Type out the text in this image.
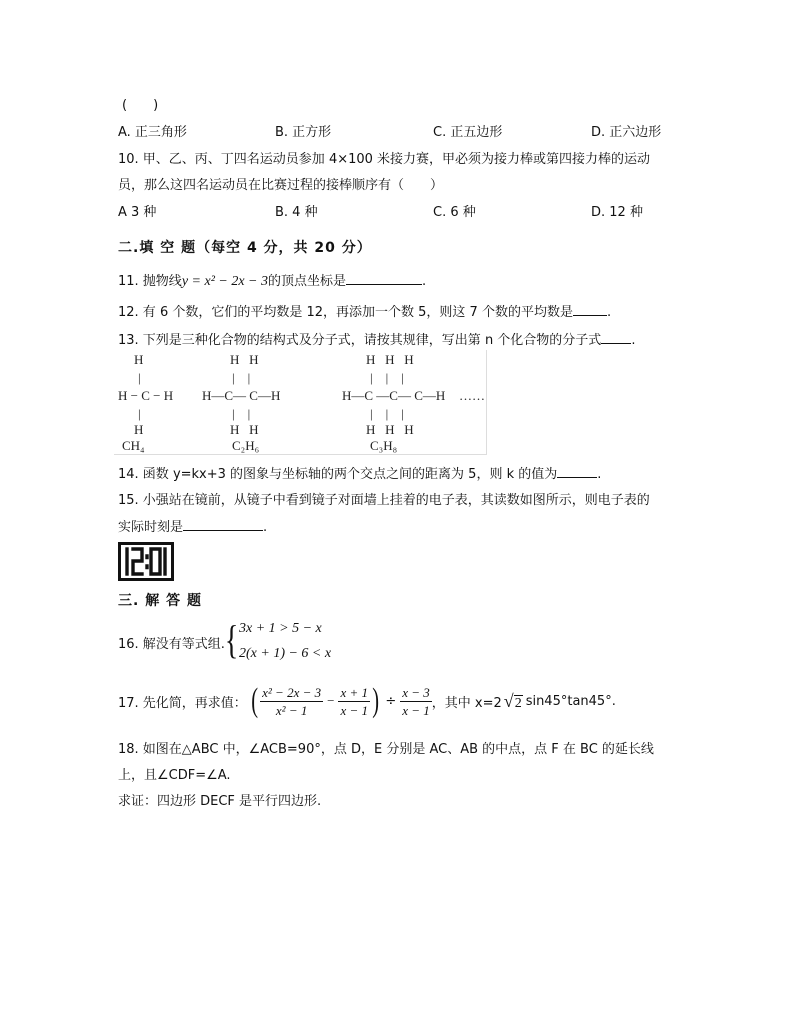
(　　)
A. 正三角形	B. 正方形	C. 正五边形	D. 正六边形
10. 甲、乙、丙、丁四名运动员参加 4×100 米接力赛，甲必须为接力棒或第四接力棒的运动
员，那么这四名运动员在比赛过程的接棒顺序有（　　）
A 3 种	B. 4 种	C. 6 种	D. 12 种
二.填 空 题（每空 4 分，共 20 分）
11. 抛物线y = x² − 2x − 3的顶点坐标是	.
12. 有 6 个数，它们的平均数是 12，再添加一个数 5，则这 7 个数的平均数是	.
13. 下列是三种化合物的结构式及分子式，请按其规律，写出第 n 个化合物的分子式 .
H
|
H − C − H
|
H
CH₄
H   H
|    |
H—C— C—H
|    |
H   H
C₂H₆
H   H   H
|    |    |
H—C —C— C—H ……
|    |    |
H   H   H
C₃H₈
14. 函数 y=kx+3 的图象与坐标轴的两个交点之间的距离为 5，则 k 的值为	.
15. 小强站在镜前，从镜子中看到镜子对面墙上挂着的电子表，其读数如图所示，则电子表的
实际时刻是	.
三. 解 答 题
16. 解没有等式组. { 3x + 1 > 5 − x
2(x + 1) − 6 < x
17. 先化简，再求值： ( $\frac{\text{x² − 2x − 3}}{\text{x² − 1}} - \frac{x + 1}{x - 1}$ ) ÷ $\frac{x - 3}{x - 1}$ ，其中 x=2 √ 2 sin45°tan45°.
18. 如图在△ABC 中，∠ACB=90°，点 D，E 分别是 AC、AB 的中点，点 F 在 BC 的延长线
上，且∠CDF=∠A.
求证：四边形 DECF 是平行四边形.
